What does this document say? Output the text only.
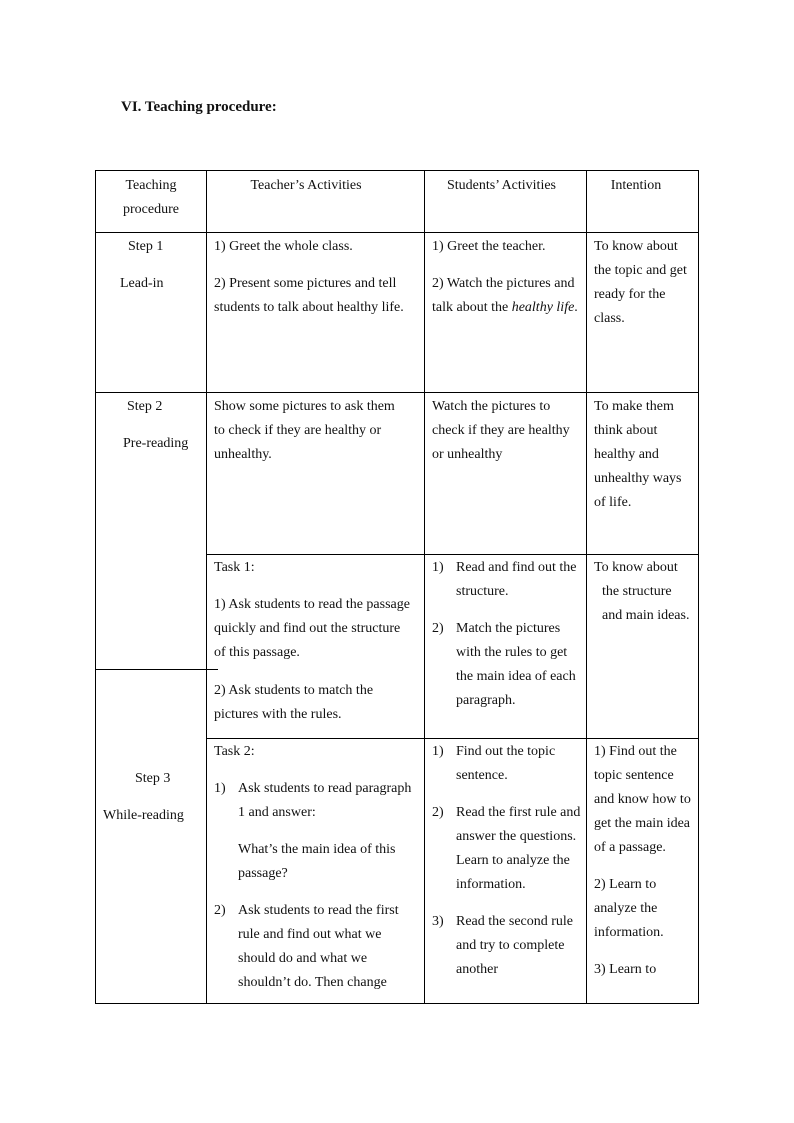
VI. Teaching procedure:
Teaching
procedure
Teacher’s Activities	Students’ Activities	Intention
Step 1
Lead-in

1) Greet the whole class.

2) Present some pictures and tell students to talk about healthy life.

1) Greet the teacher.

2) Watch the pictures and talk about the healthy life.

To know about the topic and get ready for the class.
Step 2
Pre-reading
Show some pictures to ask them to check if they are healthy or unhealthy.
Watch the pictures to check if they are healthy or unhealthy
To make them think about healthy and unhealthy ways of life.

Task 1:

1) Ask students to read the passage quickly and find out the structure of this passage.

2) Ask students to match the pictures with the rules.
1) Read and find out the structure.
2) Match the pictures with the rules to get the main idea of each paragraph.
To know about the structure and main ideas.
Step 3
While-reading

Task 2:

1) Ask students to read paragraph 1 and answer:
What’s the main idea of this passage?
2) Ask students to read the first rule and find out what we should do and what we shouldn’t do. Then change
1) Find out the topic sentence.
2) Read the first rule and answer the questions. Learn to analyze the information.
3) Read the second rule and try to complete another

1) Find out the topic sentence and know how to get the main idea of a passage.

2) Learn to analyze the information.

3) Learn to
